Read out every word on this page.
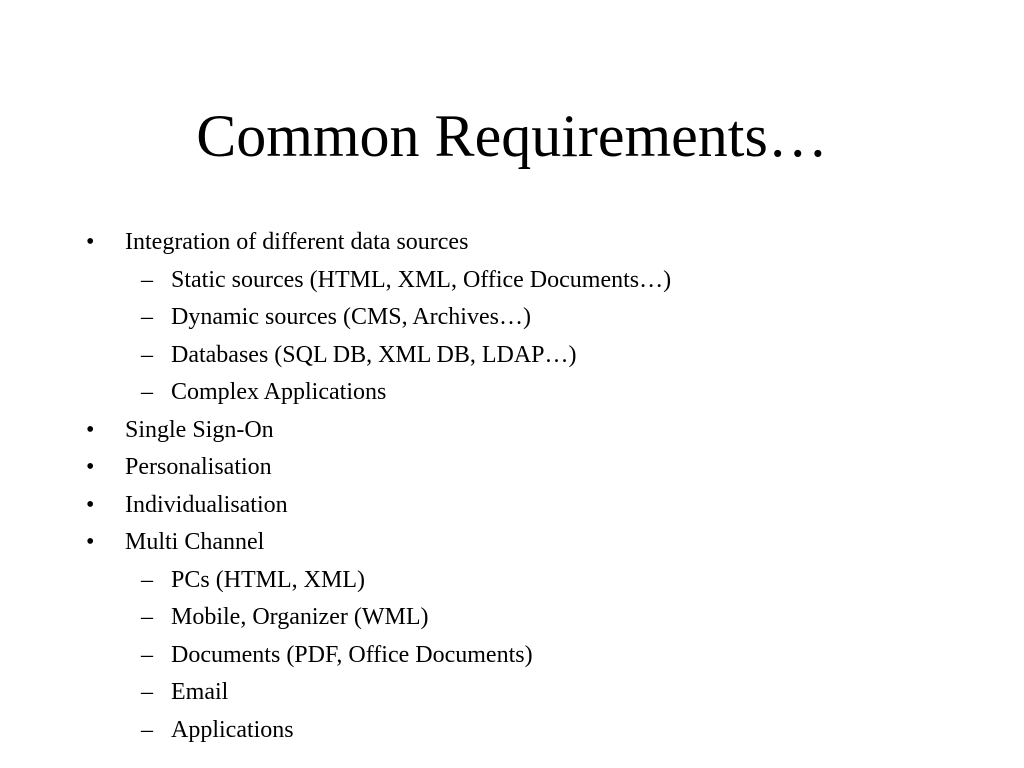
Common Requirements…
• Integration of different data sources
– Static sources (HTML, XML, Office Documents…)
– Dynamic sources (CMS, Archives…)
– Databases (SQL DB, XML DB, LDAP…)
– Complex Applications
• Single Sign-On
• Personalisation
• Individualisation
• Multi Channel
– PCs (HTML, XML)
– Mobile, Organizer (WML)
– Documents (PDF, Office Documents)
– Email
– Applications
